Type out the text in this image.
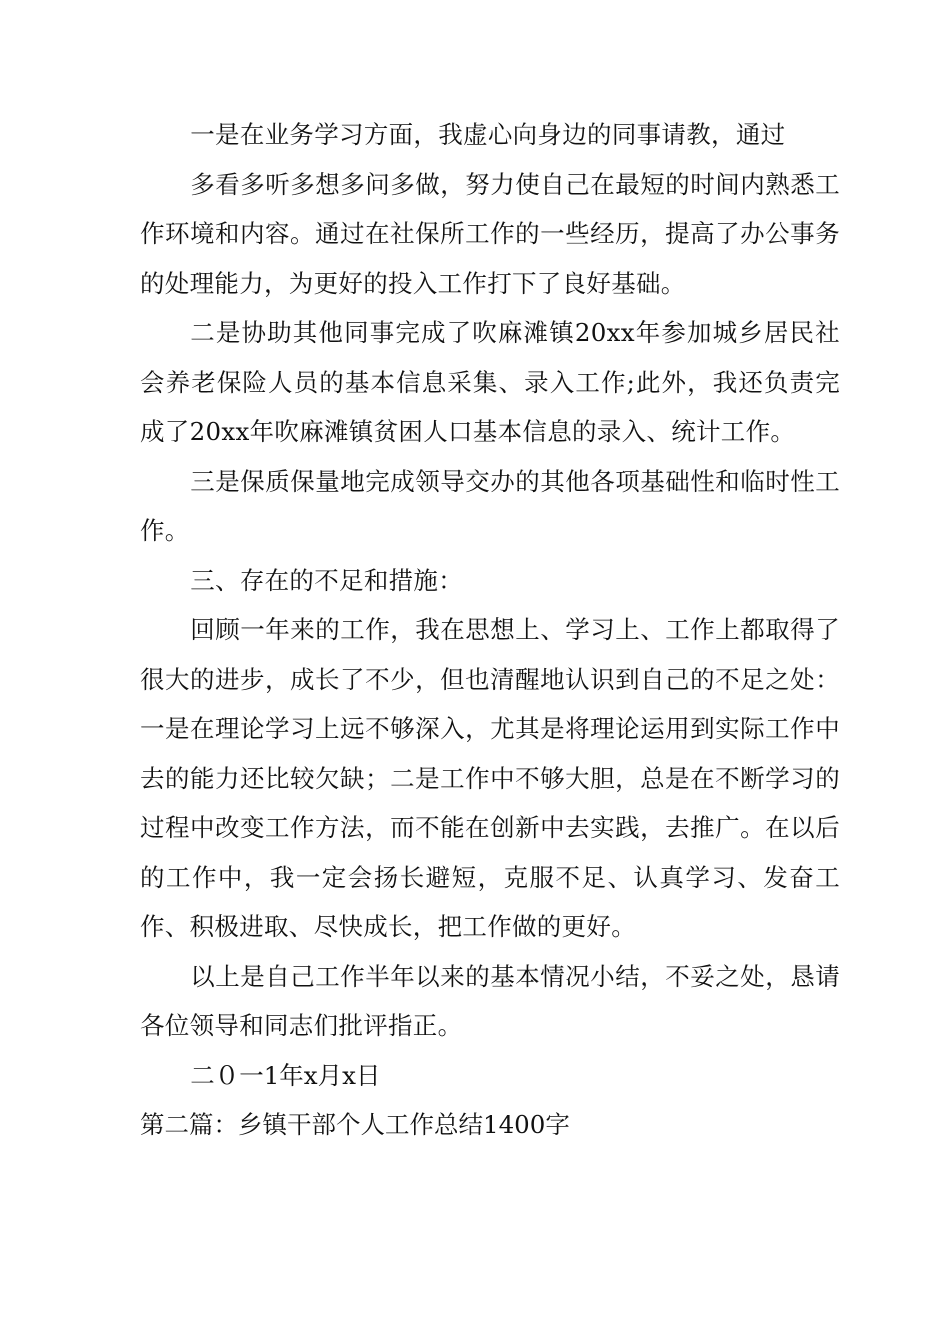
一是在业务学习方面，我虚心向身边的同事请教，通过
多看多听多想多问多做，努力使自己在最短的时间内熟悉工作环境和内容。通过在社保所工作的一些经历，提高了办公事务的处理能力，为更好的投入工作打下了良好基础。

二是协助其他同事完成了吹麻滩镇20xx年参加城乡居民社会养老保险人员的基本信息采集、录入工作;此外，我还负责完成了20xx年吹麻滩镇贫困人口基本信息的录入、统计工作。

三是保质保量地完成领导交办的其他各项基础性和临时性工作。

三、存在的不足和措施：

回顾一年来的工作，我在思想上、学习上、工作上都取得了很大的进步，成长了不少，但也清醒地认识到自己的不足之处：一是在理论学习上远不够深入，尤其是将理论运用到实际工作中去的能力还比较欠缺；二是工作中不够大胆，总是在不断学习的过程中改变工作方法，而不能在创新中去实践，去推广。在以后的工作中，我一定会扬长避短，克服不足、认真学习、发奋工作、积极进取、尽快成长，把工作做的更好。

以上是自己工作半年以来的基本情况小结，不妥之处，恳请各位领导和同志们批评指正。

二０一1年x月x日

第二篇：乡镇干部个人工作总结1400字
